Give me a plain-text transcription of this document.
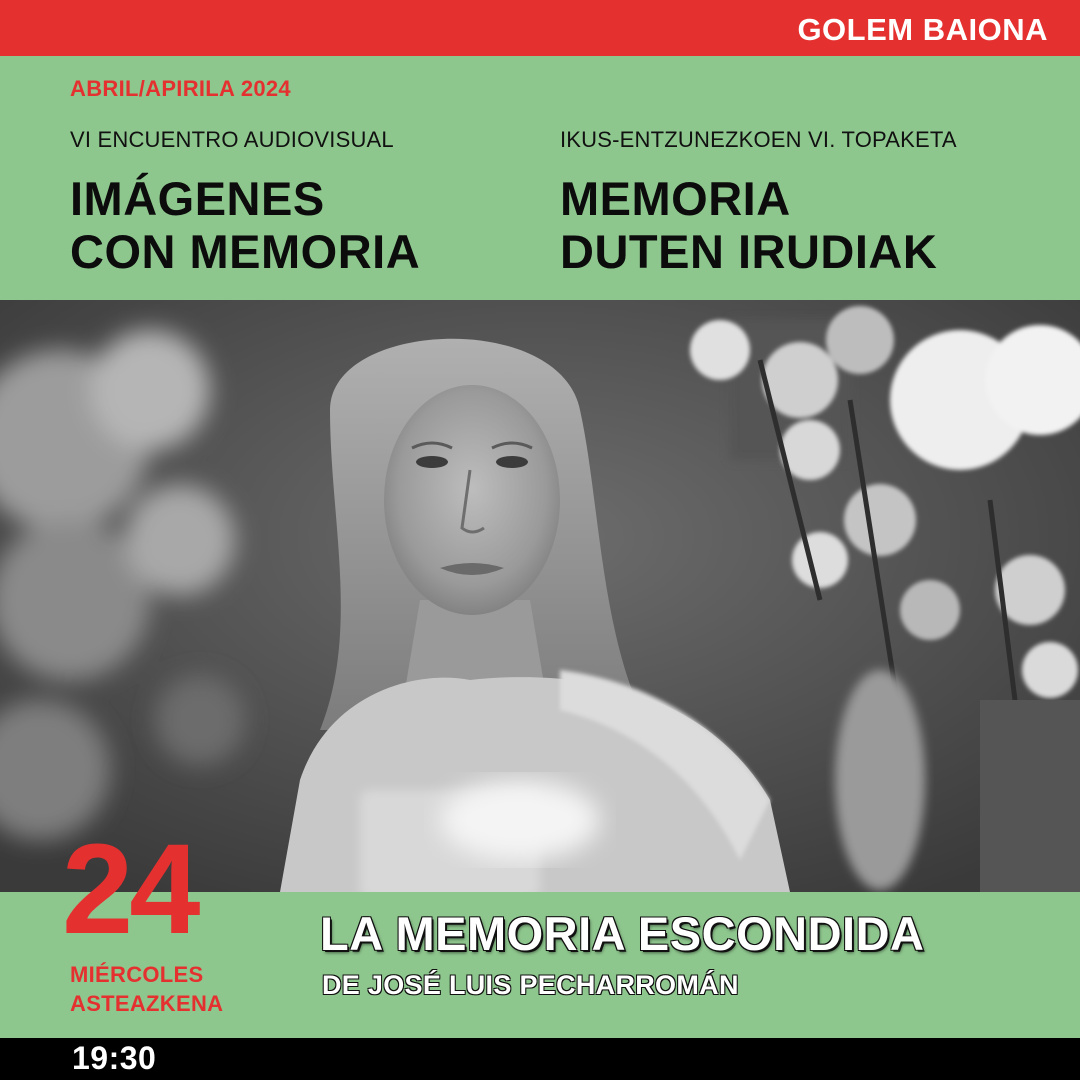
GOLEM BAIONA
ABRIL/APIRILA 2024
VI ENCUENTRO AUDIOVISUAL	IKUS-ENTZUNEZKOEN VI. TOPAKETA
IMÁGENES
CON MEMORIA
MEMORIA
DUTEN IRUDIAK
24
MIÉRCOLES
ASTEAZKENA
LA MEMORIA ESCONDIDA
DE JOSÉ LUIS PECHARROMÁN
19:30
